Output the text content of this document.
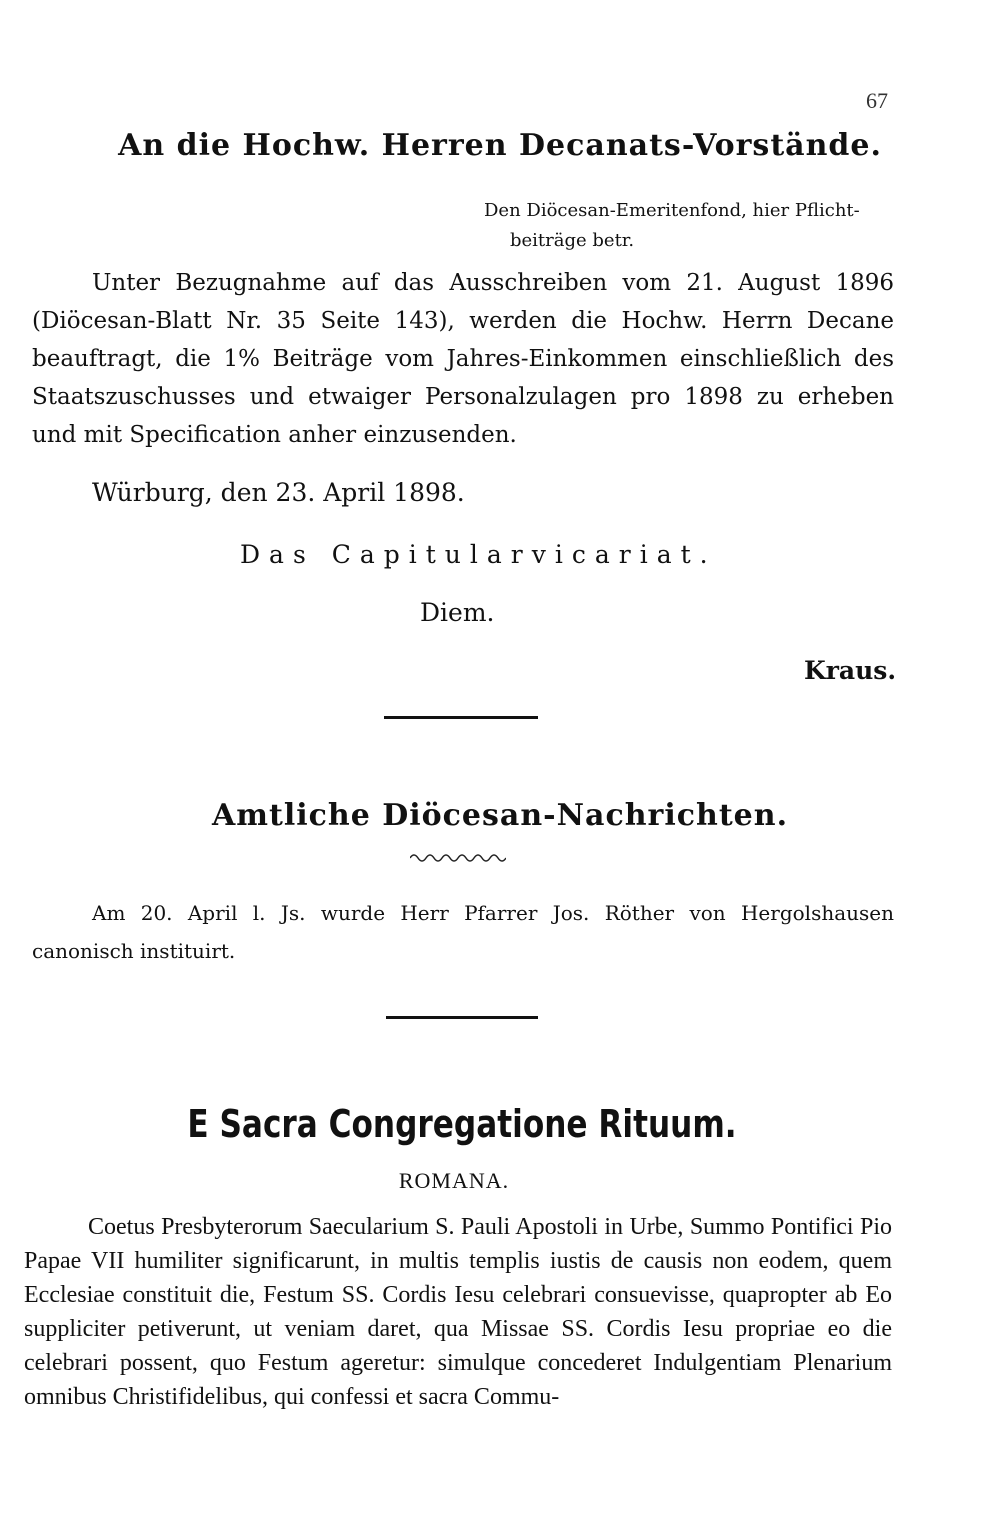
67
An die Hochw. Herren Decanats-Vorstände.
Den Diöcesan-Emeritenfond, hier Pflicht-
beiträge betr.
Unter Bezugnahme auf das Ausschreiben vom 21. August 1896 (Diöcesan-Blatt Nr. 35 Seite 143), werden die Hochw. Herrn Decane beauftragt, die 1% Beiträge vom Jahres-Einkommen einschließlich des Staatszuschusses und etwaiger Personalzulagen pro 1898 zu erheben und mit Specification anher einzusenden.
Würburg, den 23. April 1898.
Das Capitularvicariat.
Diem.
Kraus.
Amtliche Diöcesan-Nachrichten.
Am 20. April l. Js. wurde Herr Pfarrer Jos. Röther von Hergolshausen canonisch instituirt.
E Sacra Congregatione Rituum.
ROMANA.
Coetus Presbyterorum Saecularium S. Pauli Apostoli in Urbe, Summo Pontifici Pio Papae VII humiliter significarunt, in multis templis iustis de causis non eodem, quem Ecclesiae constituit die, Festum SS. Cordis Iesu celebrari consuevisse, quapropter ab Eo suppliciter petiverunt, ut veniam daret, qua Missae SS. Cordis Iesu propriae eo die celebrari possent, quo Festum ageretur: simulque concederet Indulgentiam Plenarium omnibus Christifidelibus, qui confessi et sacra Commu-
